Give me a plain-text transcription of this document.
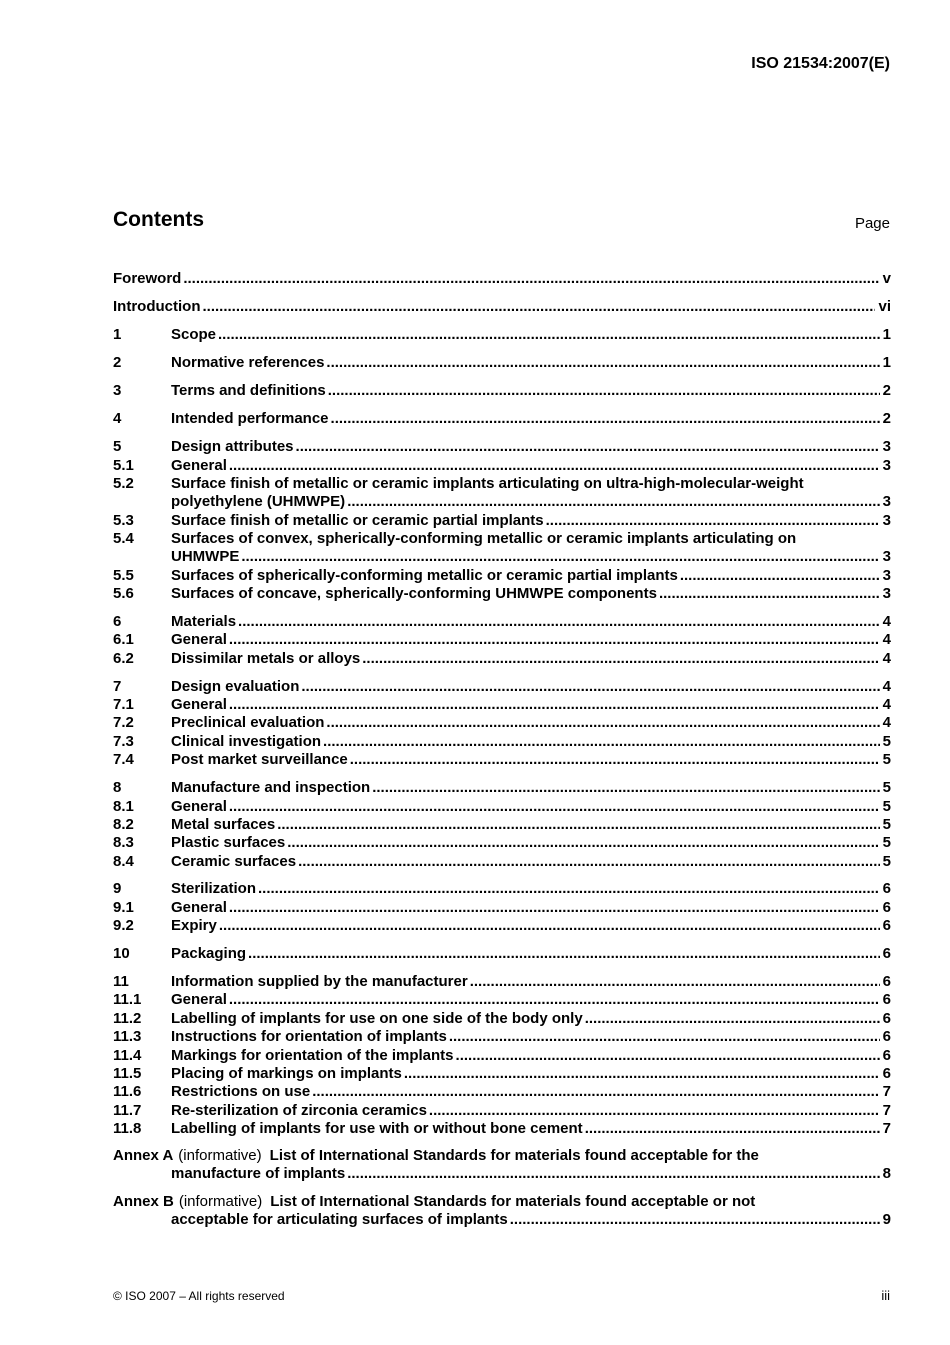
ISO 21534:2007(E)
Contents	Page
Foreword .....	v
Introduction .....	vi
1	Scope .....	1
2	Normative references .....	1
3	Terms and definitions .....	2
4	Intended performance .....	2
5	Design attributes .....	3
5.1 General .....	3
5.2 Surface finish of metallic or ceramic implants articulating on ultra-high-molecular-weight
polyethylene (UHMWPE) .....	3
5.3 Surface finish of metallic or ceramic partial implants .....	3
5.4 Surfaces of convex, spherically-conforming metallic or ceramic implants articulating on
UHMWPE .....	3
5.5 Surfaces of spherically-conforming metallic or ceramic partial implants .....	3
5.6 Surfaces of concave, spherically-conforming UHMWPE components .....	3
6	Materials .....	4
6.1 General .....	4
6.2 Dissimilar metals or alloys .....	4
7	Design evaluation .....	4
7.1 General .....	4
7.2 Preclinical evaluation .....	4
7.3 Clinical investigation .....	5
7.4 Post market surveillance .....	5
8	Manufacture and inspection .....	5
8.1 General .....	5
8.2 Metal surfaces .....	5
8.3 Plastic surfaces .....	5
8.4 Ceramic surfaces .....	5
9	Sterilization .....	6
9.1 General .....	6
9.2 Expiry .....	6
10	Packaging .....	6
11	Information supplied by the manufacturer .....	6
11.1 General .....	6
11.2 Labelling of implants for use on one side of the body only .....	6
11.3 Instructions for orientation of implants .....	6
11.4 Markings for orientation of the implants .....	6
11.5 Placing of markings on implants .....	6
11.6 Restrictions on use .....	7
11.7 Re-sterilization of zirconia ceramics .....	7
11.8 Labelling of implants for use with or without bone cement .....	7
Annex A (informative) List of International Standards for materials found acceptable for the
manufacture of implants .....	8
Annex B (informative) List of International Standards for materials found acceptable or not
acceptable for articulating surfaces of implants .....	9
© ISO 2007 – All rights reserved	iii
